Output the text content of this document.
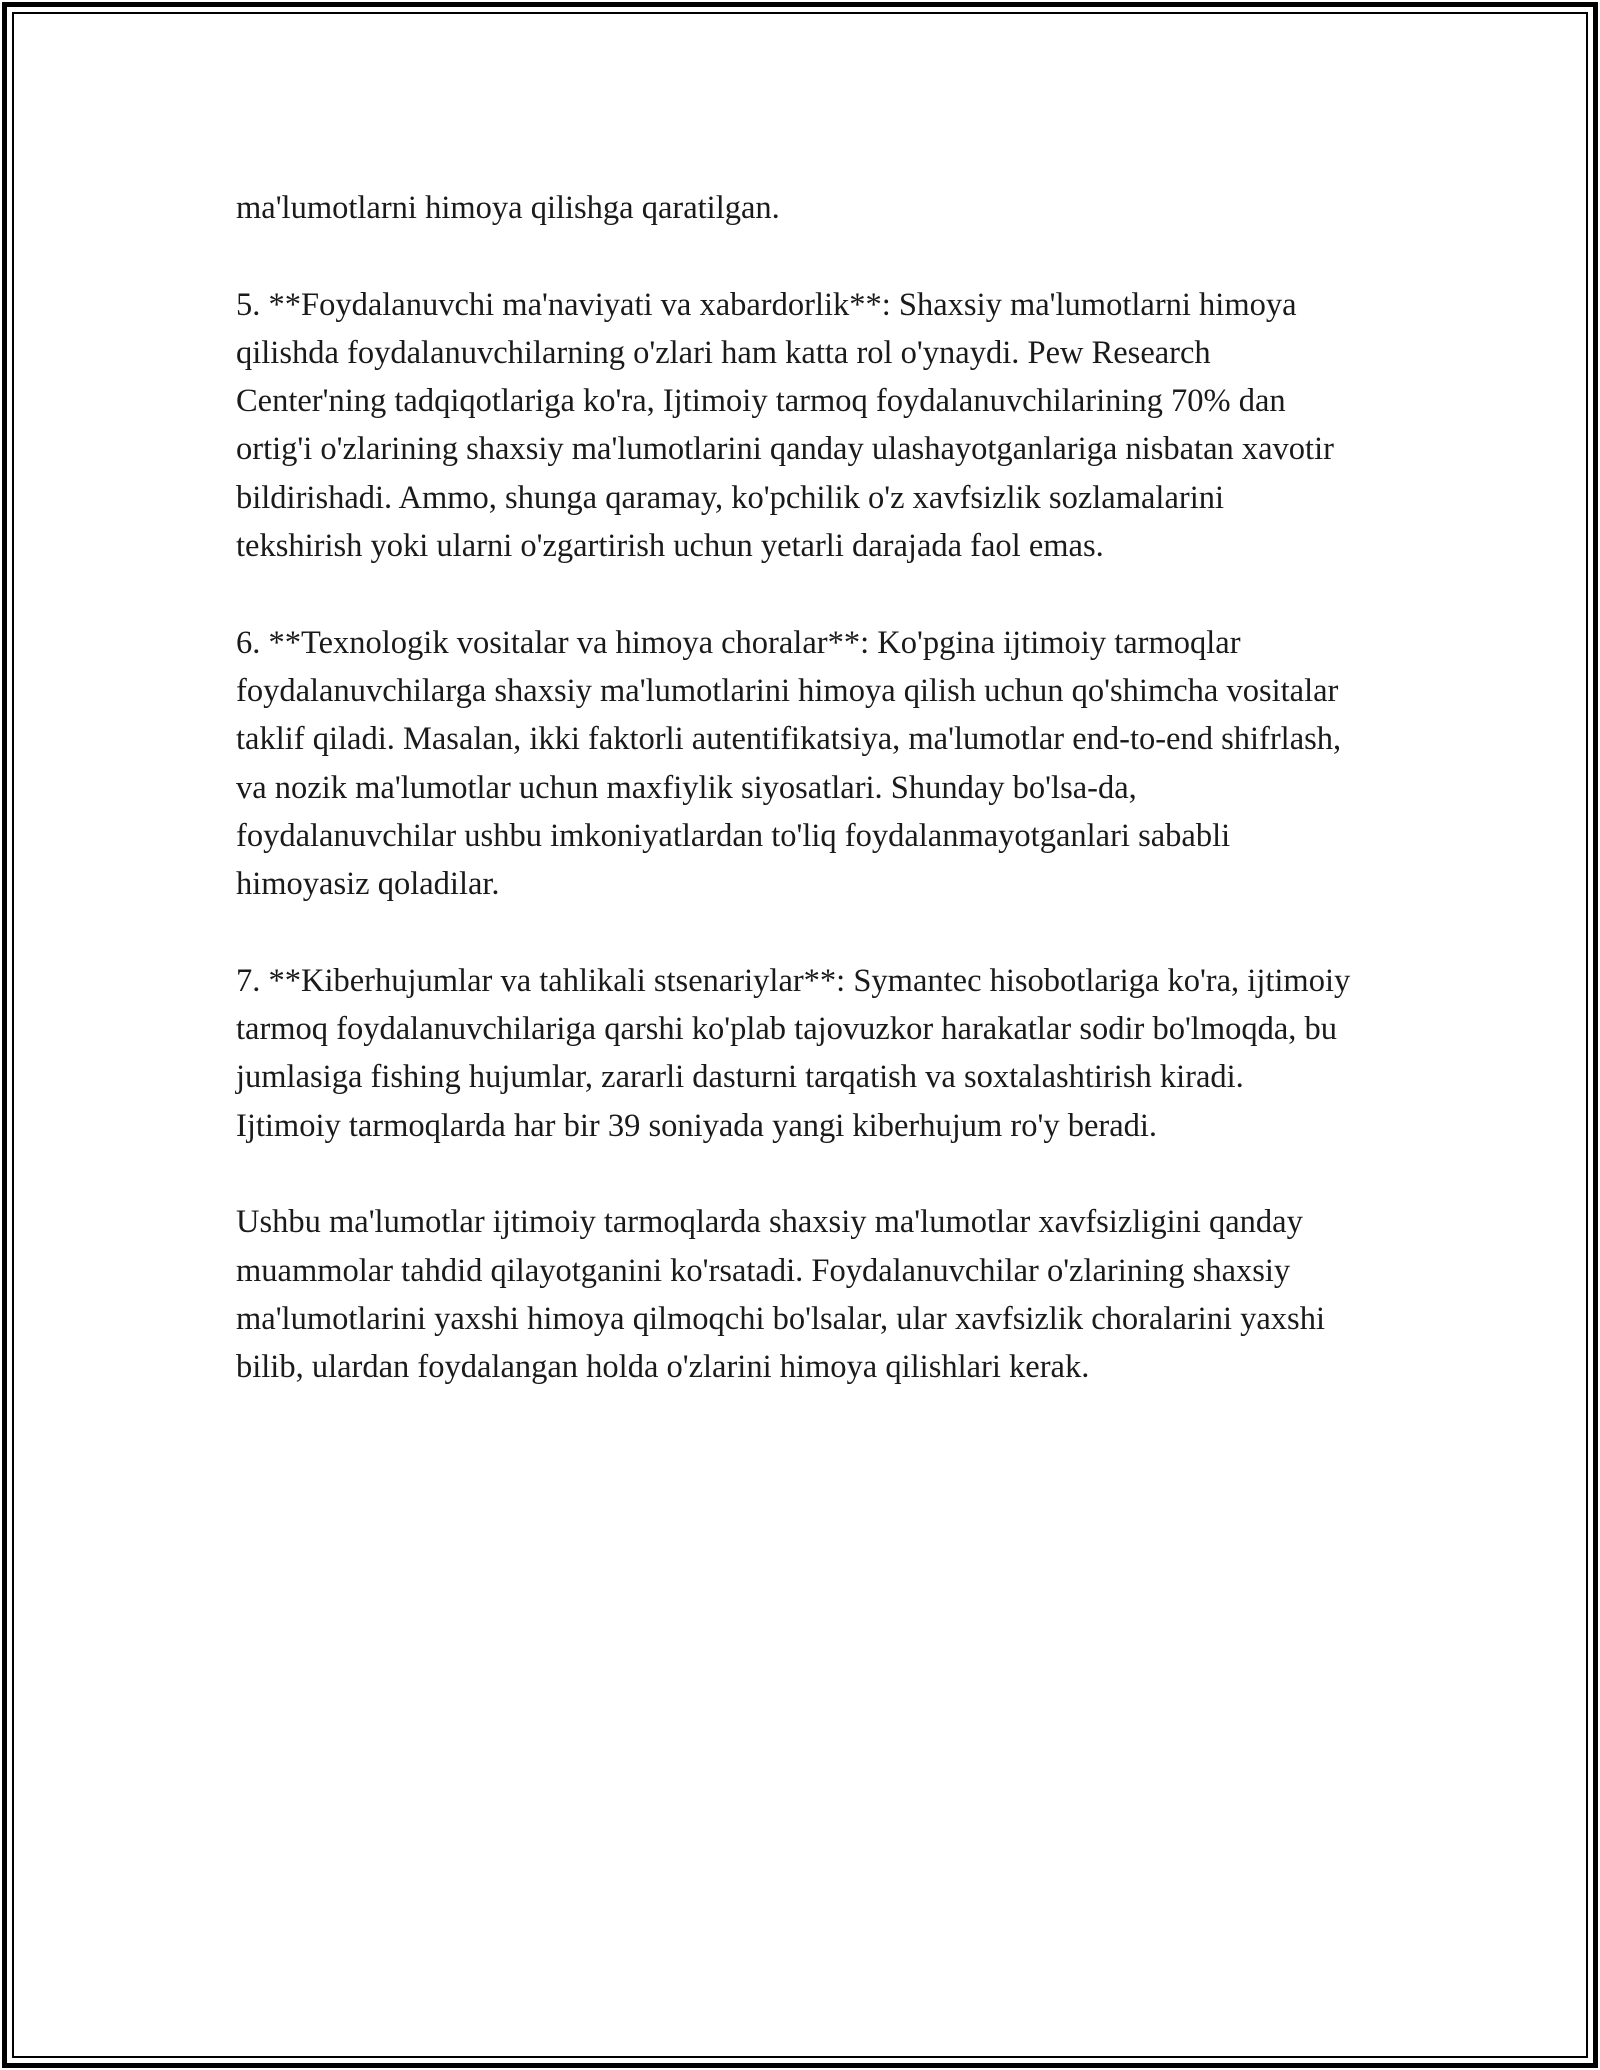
ma'lumotlarni himoya qilishga qaratilgan.

5. **Foydalanuvchi ma'naviyati va xabardorlik**: Shaxsiy ma'lumotlarni himoya qilishda foydalanuvchilarning o'zlari ham katta rol o'ynaydi. Pew Research Center'ning tadqiqotlariga ko'ra, Ijtimoiy tarmoq foydalanuvchilarining 70% dan ortig'i o'zlarining shaxsiy ma'lumotlarini qanday ulashayotganlariga nisbatan xavotir bildirishadi. Ammo, shunga qaramay, ko'pchilik o'z xavfsizlik sozlamalarini tekshirish yoki ularni o'zgartirish uchun yetarli darajada faol emas.

6. **Texnologik vositalar va himoya choralar**: Ko'pgina ijtimoiy tarmoqlar foydalanuvchilarga shaxsiy ma'lumotlarini himoya qilish uchun qo'shimcha vositalar taklif qiladi. Masalan, ikki faktorli autentifikatsiya, ma'lumotlar end-to-end shifrlash, va nozik ma'lumotlar uchun maxfiylik siyosatlari. Shunday bo'lsa-da, foydalanuvchilar ushbu imkoniyatlardan to'liq foydalanmayotganlari sababli himoyasiz qoladilar.

7. **Kiberhujumlar va tahlikali stsenariylar**: Symantec hisobotlariga ko'ra, ijtimoiy tarmoq foydalanuvchilariga qarshi ko'plab tajovuzkor harakatlar sodir bo'lmoqda, bu jumlasiga fishing hujumlar, zararli dasturni tarqatish va soxtalashtirish kiradi. Ijtimoiy tarmoqlarda har bir 39 soniyada yangi kiberhujum ro'y beradi.

Ushbu ma'lumotlar ijtimoiy tarmoqlarda shaxsiy ma'lumotlar xavfsizligini qanday muammolar tahdid qilayotganini ko'rsatadi. Foydalanuvchilar o'zlarining shaxsiy ma'lumotlarini yaxshi himoya qilmoqchi bo'lsalar, ular xavfsizlik choralarini yaxshi bilib, ulardan foydalangan holda o'zlarini himoya qilishlari kerak.
